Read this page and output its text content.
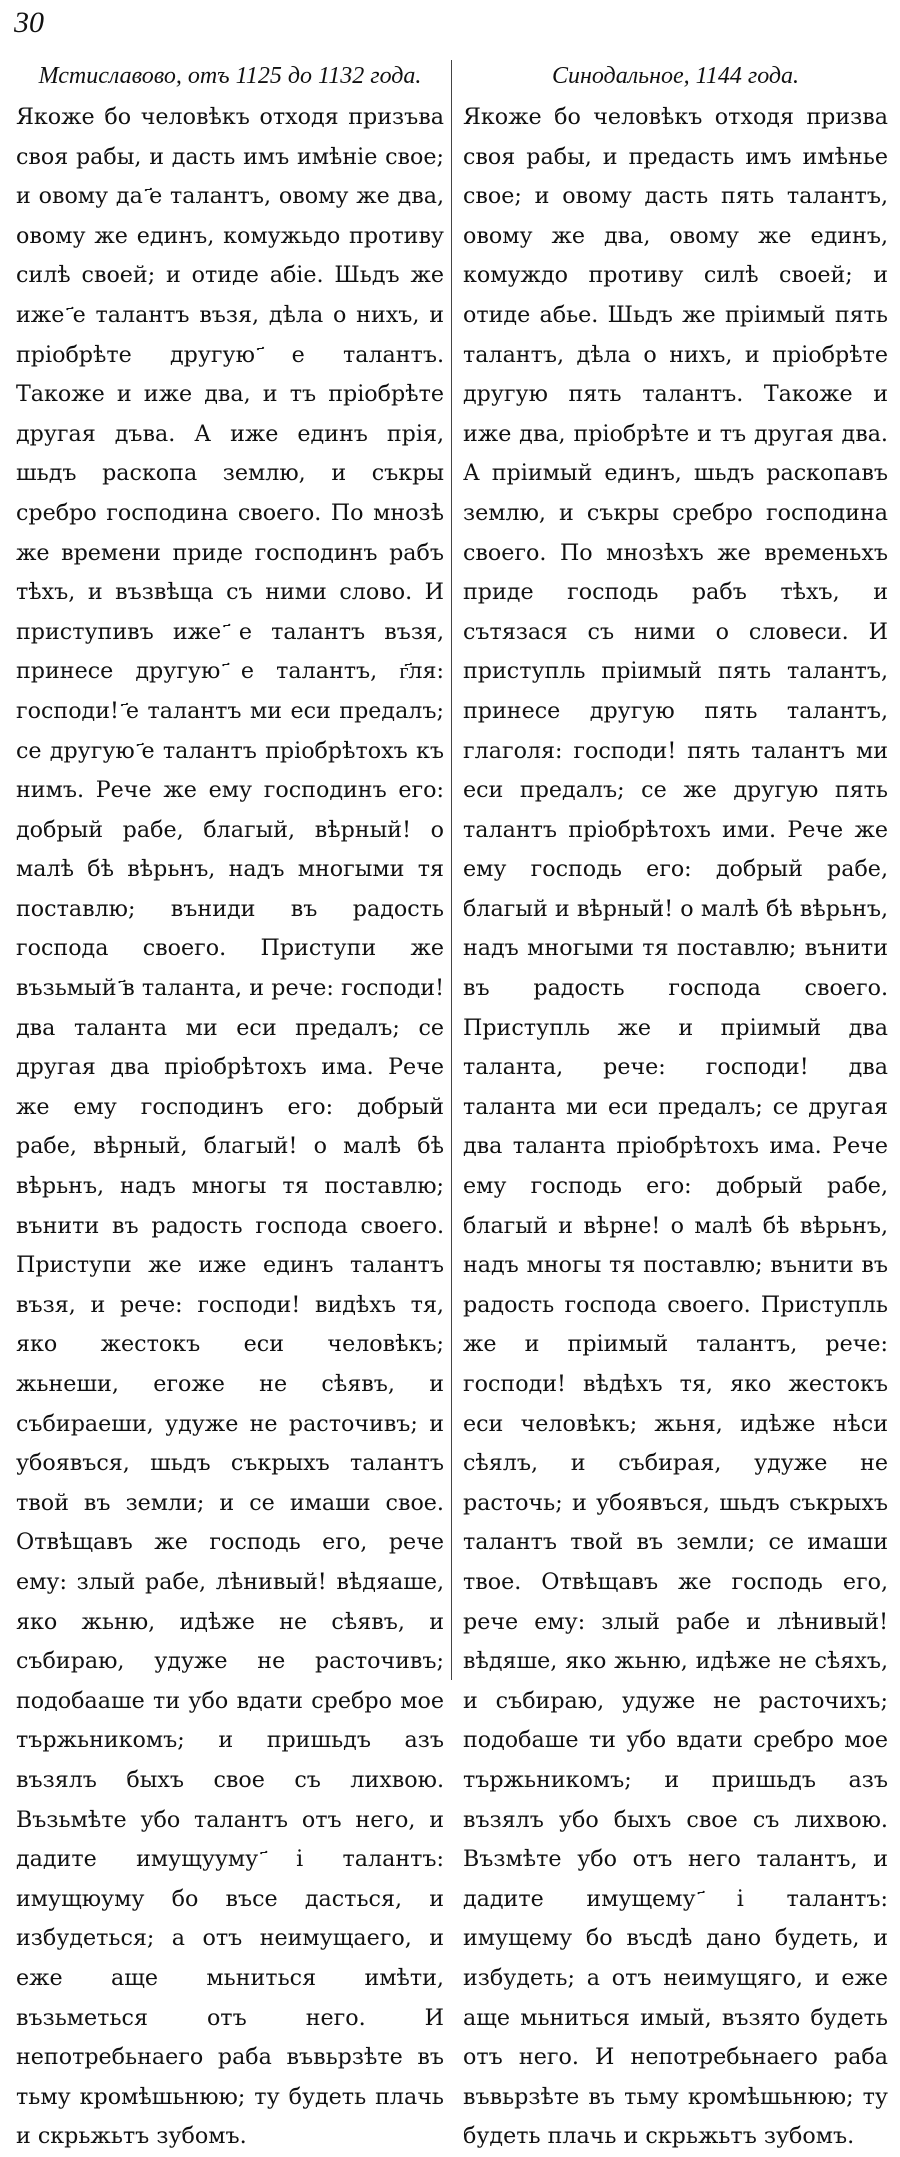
30
Мстиславово, отъ 1125 до 1132 года.

Якоже бо человѣкъ отходя призъва своя рабы, и дасть имъ имѣніе свое; и овому да ҃е талантъ, овому же два, овому же единъ, комужьдо противу силѣ своей; и отиде абіе. Шьдъ же иже ҃е талантъ възя, дѣла о нихъ, и пріобрѣте другую ҃е талантъ. Такоже и иже два, и тъ пріобрѣте другая дъва. А иже единъ прія, шьдъ раскопа землю, и съкры сребро господина своего. По мнозѣ же времени приде господинъ рабъ тѣхъ, и възвѣща съ ними слово. И приступивъ иже ҃е талантъ възя, принесе другую ҃е талантъ, г҃ля: господи! ҃е талантъ ми еси предалъ; се другую ҃е талантъ пріобрѣтохъ къ нимъ. Рече же ему господинъ его: добрый рабе, благый, вѣрный! о малѣ бѣ вѣрьнъ, надъ многыми тя поставлю; въниди въ радость господа своего. Приступи же възьмый ҃в таланта, и рече: господи! два таланта ми еси предалъ; се другая два пріобрѣтохъ има. Рече же ему господинъ его: добрый рабе, вѣрный, благый! о малѣ бѣ вѣрьнъ, надъ многы тя поставлю; вънити въ радость господа своего. Приступи же иже единъ талантъ възя, и рече: господи! видѣхъ тя, яко жестокъ еси человѣкъ; жьнеши, егоже не сѣявъ, и събираеши, удуже не расточивъ; и убоявъся, шьдъ съкрыхъ талантъ твой въ земли; и се имаши свое. Отвѣщавъ же господь его, рече ему: злый рабе, лѣнивый! вѣдяаше, яко жьню, идѣже не сѣявъ, и събираю, удуже не расточивъ; подобааше ти убо вдати сребро мое тържьникомъ; и пришьдъ азъ възялъ быхъ свое съ лихвою. Възьмѣте убо талантъ отъ него, и дадите имущууму ҃і талантъ: имущюуму бо въсе дасться, и избудеться; а отъ неимущаего, и еже аще мьниться имѣти, възьметься отъ него. И непотребьнаего раба въвьрзѣте въ тьму кромѣшьнюю; ту будеть плачь и скрьжьтъ зубомъ.

Синодальное, 1144 года.

Якоже бо человѣкъ отходя призва своя рабы, и предасть имъ имѣнье свое; и овому дасть пять талантъ, овому же два, овому же единъ, комуждо противу силѣ своей; и отиде абье. Шьдъ же пріимый пять талантъ, дѣла о нихъ, и пріобрѣте другую пять талантъ. Такоже и иже два, пріобрѣте и тъ другая два. А пріимый единъ, шьдъ раскопавъ землю, и съкры сребро господина своего. По мнозѣхъ же временьхъ приде господь рабъ тѣхъ, и сътязася съ ними о словеси. И приступль пріимый пять талантъ, принесе другую пять талантъ, глаголя: господи! пять талантъ ми еси предалъ; се же другую пять талантъ пріобрѣтохъ ими. Рече же ему господь его: добрый рабе, благый и вѣрный! о малѣ бѣ вѣрьнъ, надъ многыми тя поставлю; вънити въ радость господа своего. Приступль же и пріимый два таланта, рече: господи! два таланта ми еси предалъ; се другая два таланта пріобрѣтохъ има. Рече ему господь его: добрый рабе, благый и вѣрне! о малѣ бѣ вѣрьнъ, надъ многы тя поставлю; вънити въ радость господа своего. Приступль же и пріимый талантъ, рече: господи! вѣдѣхъ тя, яко жестокъ еси человѣкъ; жьня, идѣже нѣси сѣялъ, и събирая, удуже не расточь; и убоявъся, шьдъ съкрыхъ талантъ твой въ земли; се имаши твое. Отвѣщавъ же господь его, рече ему: злый рабе и лѣнивый! вѣдяше, яко жьню, идѣже не сѣяхъ, и събираю, удуже не расточихъ; подобаше ти убо вдати сребро мое тържьникомъ; и пришьдъ азъ възялъ убо быхъ свое съ лихвою. Възмѣте убо отъ него талантъ, и дадите имущему ҃і талантъ: имущему бо въсдѣ дано будеть, и избудеть; а отъ неимущяго, и еже аще мьниться имый, възято будеть отъ него. И непотребьнаего раба въвьрзѣте въ тьму кромѣшьнюю; ту будеть плачь и скрьжьтъ зубомъ.
